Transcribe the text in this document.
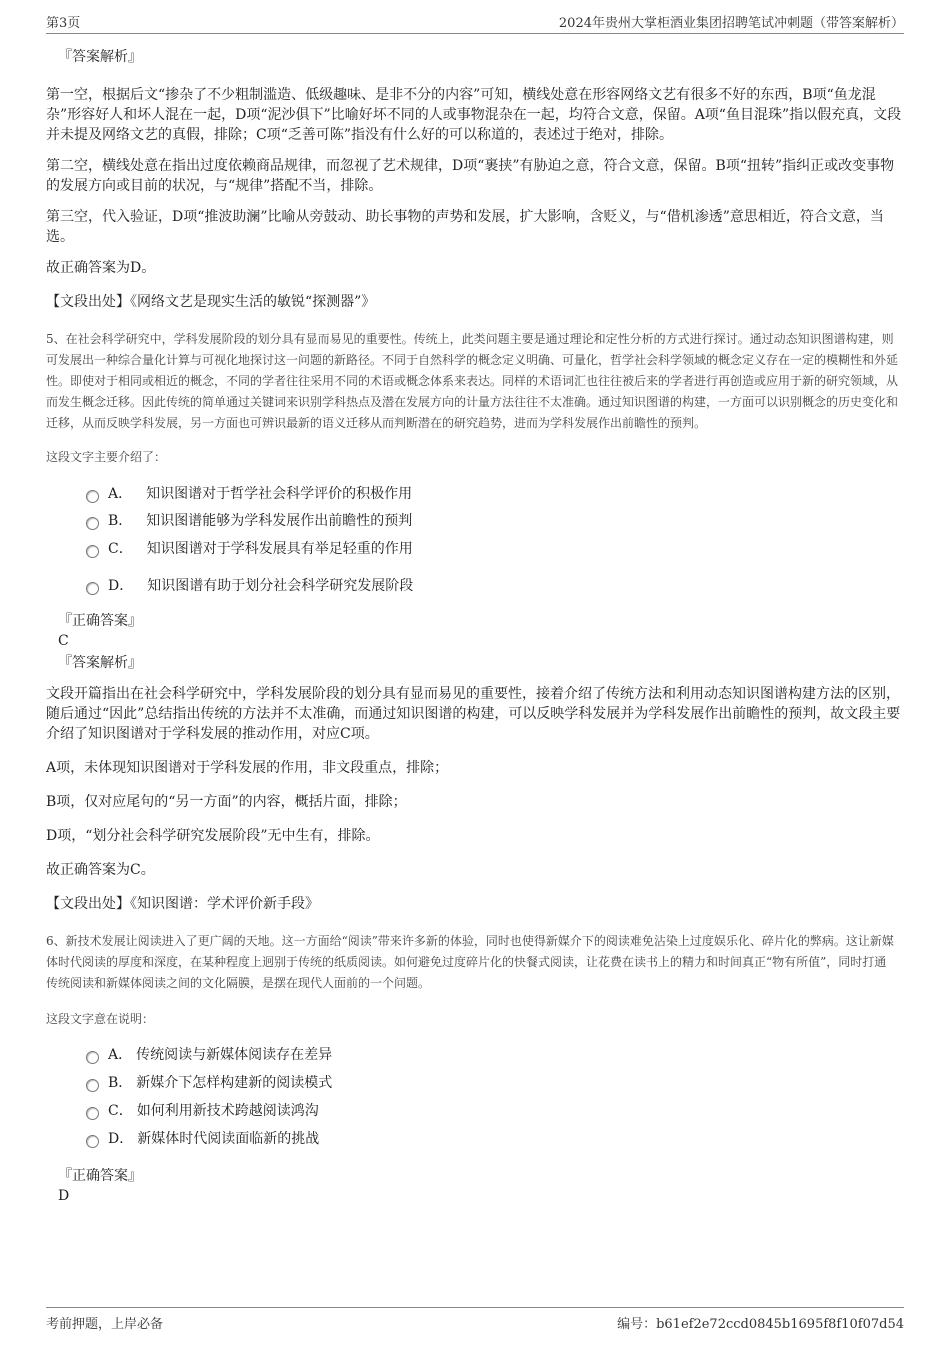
第3页	2024年贵州大掌柜酒业集团招聘笔试冲刺题（带答案解析）
『答案解析』

第一空，根据后文“掺杂了不少粗制滥造、低级趣味、是非不分的内容”可知，横线处意在形容网络文艺有很多不好的东西，B项“鱼龙混杂”形容好人和坏人混在一起，D项“泥沙俱下”比喻好坏不同的人或事物混杂在一起，均符合文意，保留。A项“鱼目混珠”指以假充真，文段并未提及网络文艺的真假，排除；C项“乏善可陈”指没有什么好的可以称道的，表述过于绝对，排除。

第二空，横线处意在指出过度依赖商品规律，而忽视了艺术规律，D项“裹挟”有胁迫之意，符合文意，保留。B项“扭转”指纠正或改变事物的发展方向或目前的状况，与“规律”搭配不当，排除。

第三空，代入验证，D项“推波助澜”比喻从旁鼓动、助长事物的声势和发展，扩大影响，含贬义，与“借机渗透”意思相近，符合文意，当选。

故正确答案为D。

【文段出处】《网络文艺是现实生活的敏锐“探测器”》

5、在社会科学研究中，学科发展阶段的划分具有显而易见的重要性。传统上，此类问题主要是通过理论和定性分析的方式进行探讨。通过动态知识图谱构建，则可发展出一种综合量化计算与可视化地探讨这一问题的新路径。不同于自然科学的概念定义明确、可量化，哲学社会科学领域的概念定义存在一定的模糊性和外延性。即使对于相同或相近的概念，不同的学者往往采用不同的术语或概念体系来表达。同样的术语词汇也往往被后来的学者进行再创造或应用于新的研究领域，从而发生概念迁移。因此传统的简单通过关键词来识别学科热点及潜在发展方向的计量方法往往不太准确。通过知识图谱的构建，一方面可以识别概念的历史变化和迁移，从而反映学科发展，另一方面也可辨识最新的语义迁移从而判断潜在的研究趋势，进而为学科发展作出前瞻性的预判。

这段文字主要介绍了：

A． 知识图谱对于哲学社会科学评价的积极作用
B． 知识图谱能够为学科发展作出前瞻性的预判
C． 知识图谱对于学科发展具有举足轻重的作用
D． 知识图谱有助于划分社会科学研究发展阶段
『正确答案』
C
『答案解析』

文段开篇指出在社会科学研究中，学科发展阶段的划分具有显而易见的重要性，接着介绍了传统方法和利用动态知识图谱构建方法的区别，随后通过“因此”总结指出传统的方法并不太准确，而通过知识图谱的构建，可以反映学科发展并为学科发展作出前瞻性的预判，故文段主要介绍了知识图谱对于学科发展的推动作用，对应C项。

A项，未体现知识图谱对于学科发展的作用，非文段重点，排除；

B项，仅对应尾句的“另一方面”的内容，概括片面，排除；

D项，“划分社会科学研究发展阶段”无中生有，排除。

故正确答案为C。

【文段出处】《知识图谱：学术评价新手段》

6、新技术发展让阅读进入了更广阔的天地。这一方面给“阅读”带来许多新的体验，同时也使得新媒介下的阅读难免沾染上过度娱乐化、碎片化的弊病。这让新媒体时代阅读的厚度和深度，在某种程度上迥别于传统的纸质阅读。如何避免过度碎片化的快餐式阅读，让花费在读书上的精力和时间真正“物有所值”，同时打通传统阅读和新媒体阅读之间的文化隔膜，是摆在现代人面前的一个问题。

这段文字意在说明：

A． 传统阅读与新媒体阅读存在差异
B． 新媒介下怎样构建新的阅读模式
C． 如何利用新技术跨越阅读鸿沟
D． 新媒体时代阅读面临新的挑战
『正确答案』
D
考前押题，上岸必备	编号：b61ef2e72ccd0845b1695f8f10f07d54
